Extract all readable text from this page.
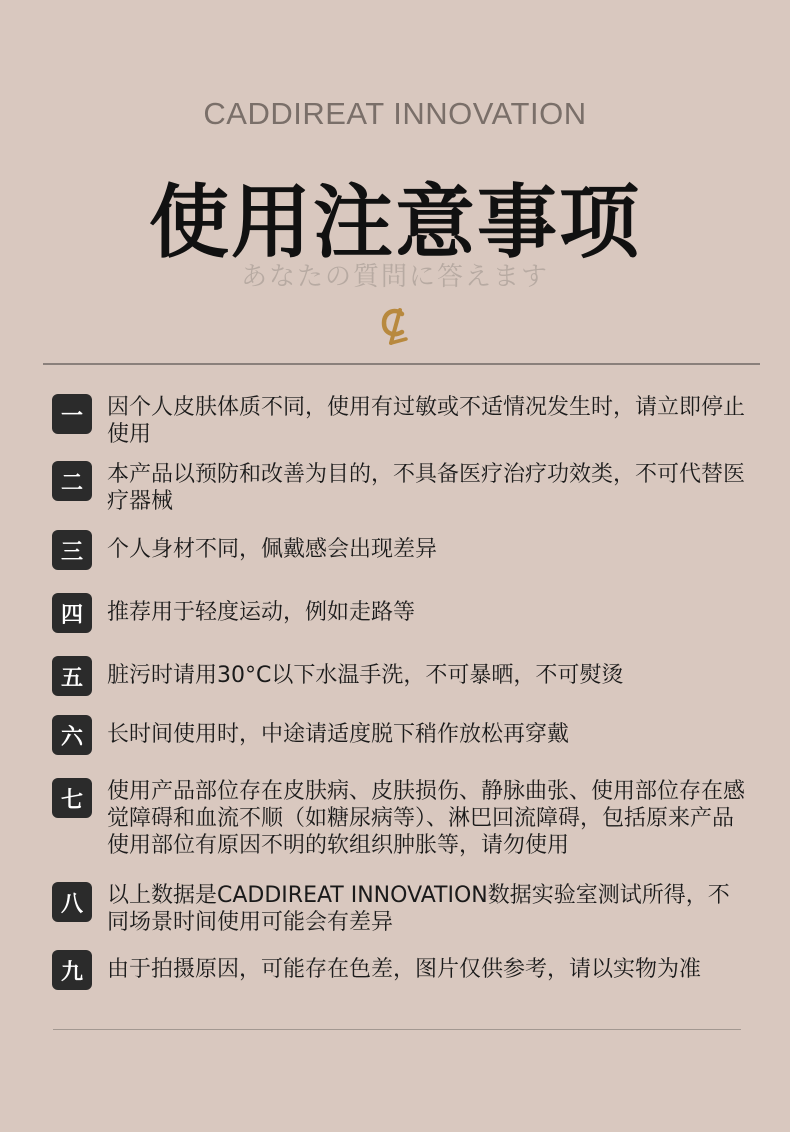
CADDIREAT INNOVATION
使用注意事项
あなたの質問に答えます
一	因个人皮肤体质不同，使用有过敏或不适情况发生时，请立即停止使用
二	本产品以预防和改善为目的，不具备医疗治疗功效类，不可代替医疗器械
三	个人身材不同，佩戴感会出现差异
四	推荐用于轻度运动，例如走路等
五	脏污时请用30°C以下水温手洗，不可暴晒，不可熨烫
六	长时间使用时，中途请适度脱下稍作放松再穿戴
七	使用产品部位存在皮肤病、皮肤损伤、静脉曲张、使用部位存在感觉障碍和血流不顺（如糖尿病等）、淋巴回流障碍，包括原来产品使用部位有原因不明的软组织肿胀等，请勿使用
八	以上数据是CADDIREAT INNOVATION数据实验室测试所得，不同场景时间使用可能会有差异
九	由于拍摄原因，可能存在色差，图片仅供参考，请以实物为准
